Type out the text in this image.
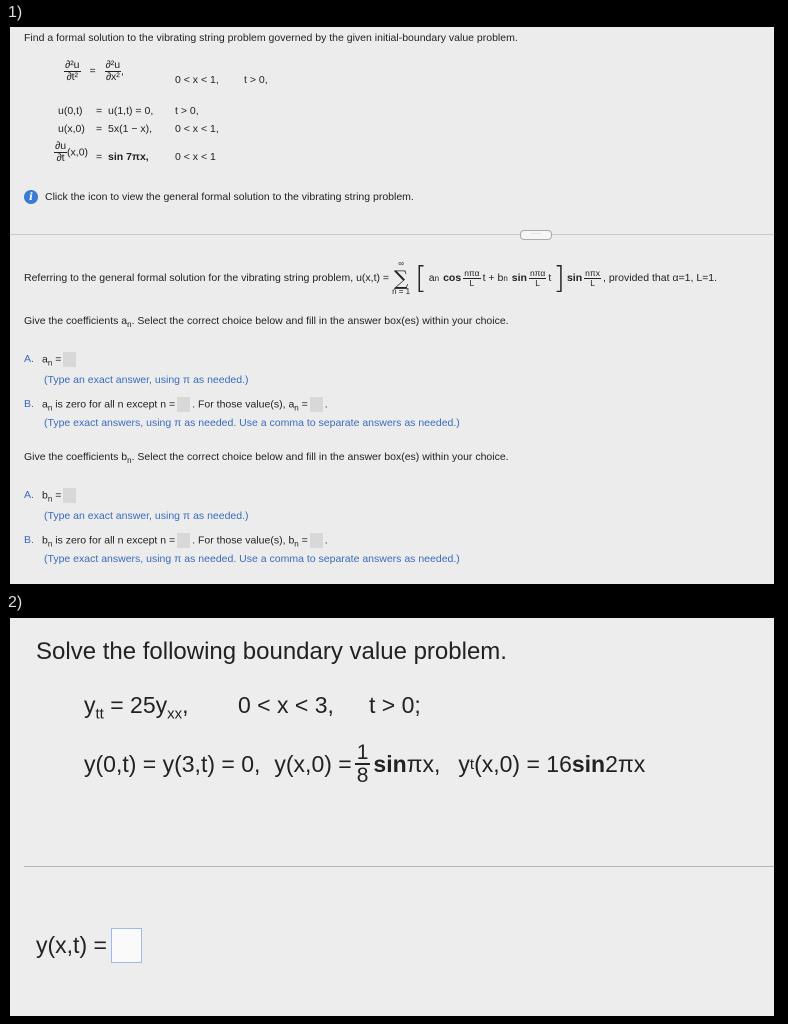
1)
Find a formal solution to the vibrating string problem governed by the given initial-boundary value problem.
$\frac{\text{∂²u}}{\text{∂t²}} = \frac{\text{∂²u}}{\text{∂x²}}$ ,
0 < x < 1, t > 0,
u(0,t) = u(1,t) = 0, t > 0,
u(x,0) = 5x(1 − x), 0 < x < 1,
$\frac{\partial u}{\partial t} (x,0) = \sin 7\pi x$,	0 < x < 1
i	Click the icon to view the general formal solution to the vibrating string problem.
·····
Referring to the general formal solution for the vibrating string problem, u(x,t) =
∞
∑
n = 1 [ a n $\cos \frac{\text{nπα}}{L}$ t + b n $\sin \frac{\text{nπα}}{L}$ t ] $\sin \frac{\text{nπx}}{L}$ , provided that α=1, L=1.
Give the coefficients $a_n$. Select the correct choice below and fill in the answer box(es) within your choice.
A. $a_n$ =
(Type an exact answer, using π as needed.)
B. $a_n$ is zero for all n except n = . For those value(s), $a_n$ = .
(Type exact answers, using π as needed. Use a comma to separate answers as needed.)
Give the coefficients $b_n$. Select the correct choice below and fill in the answer box(es) within your choice.
A. $b_n$ =
(Type an exact answer, using π as needed.)
B. $b_n$ is zero for all n except n = . For those value(s), $b_n$ = .
(Type exact answers, using π as needed. Use a comma to separate answers as needed.)
2)
Solve the following boundary value problem.
$y_{tt} = 25y_{xx}$, 0 < x < 3, t > 0;
y(0,t) = y(3,t) = 0, $y(x,0) = \frac{1}{8}$ sin πx, y t (x,0) = 16 sin 2πx
y(x,t) =
